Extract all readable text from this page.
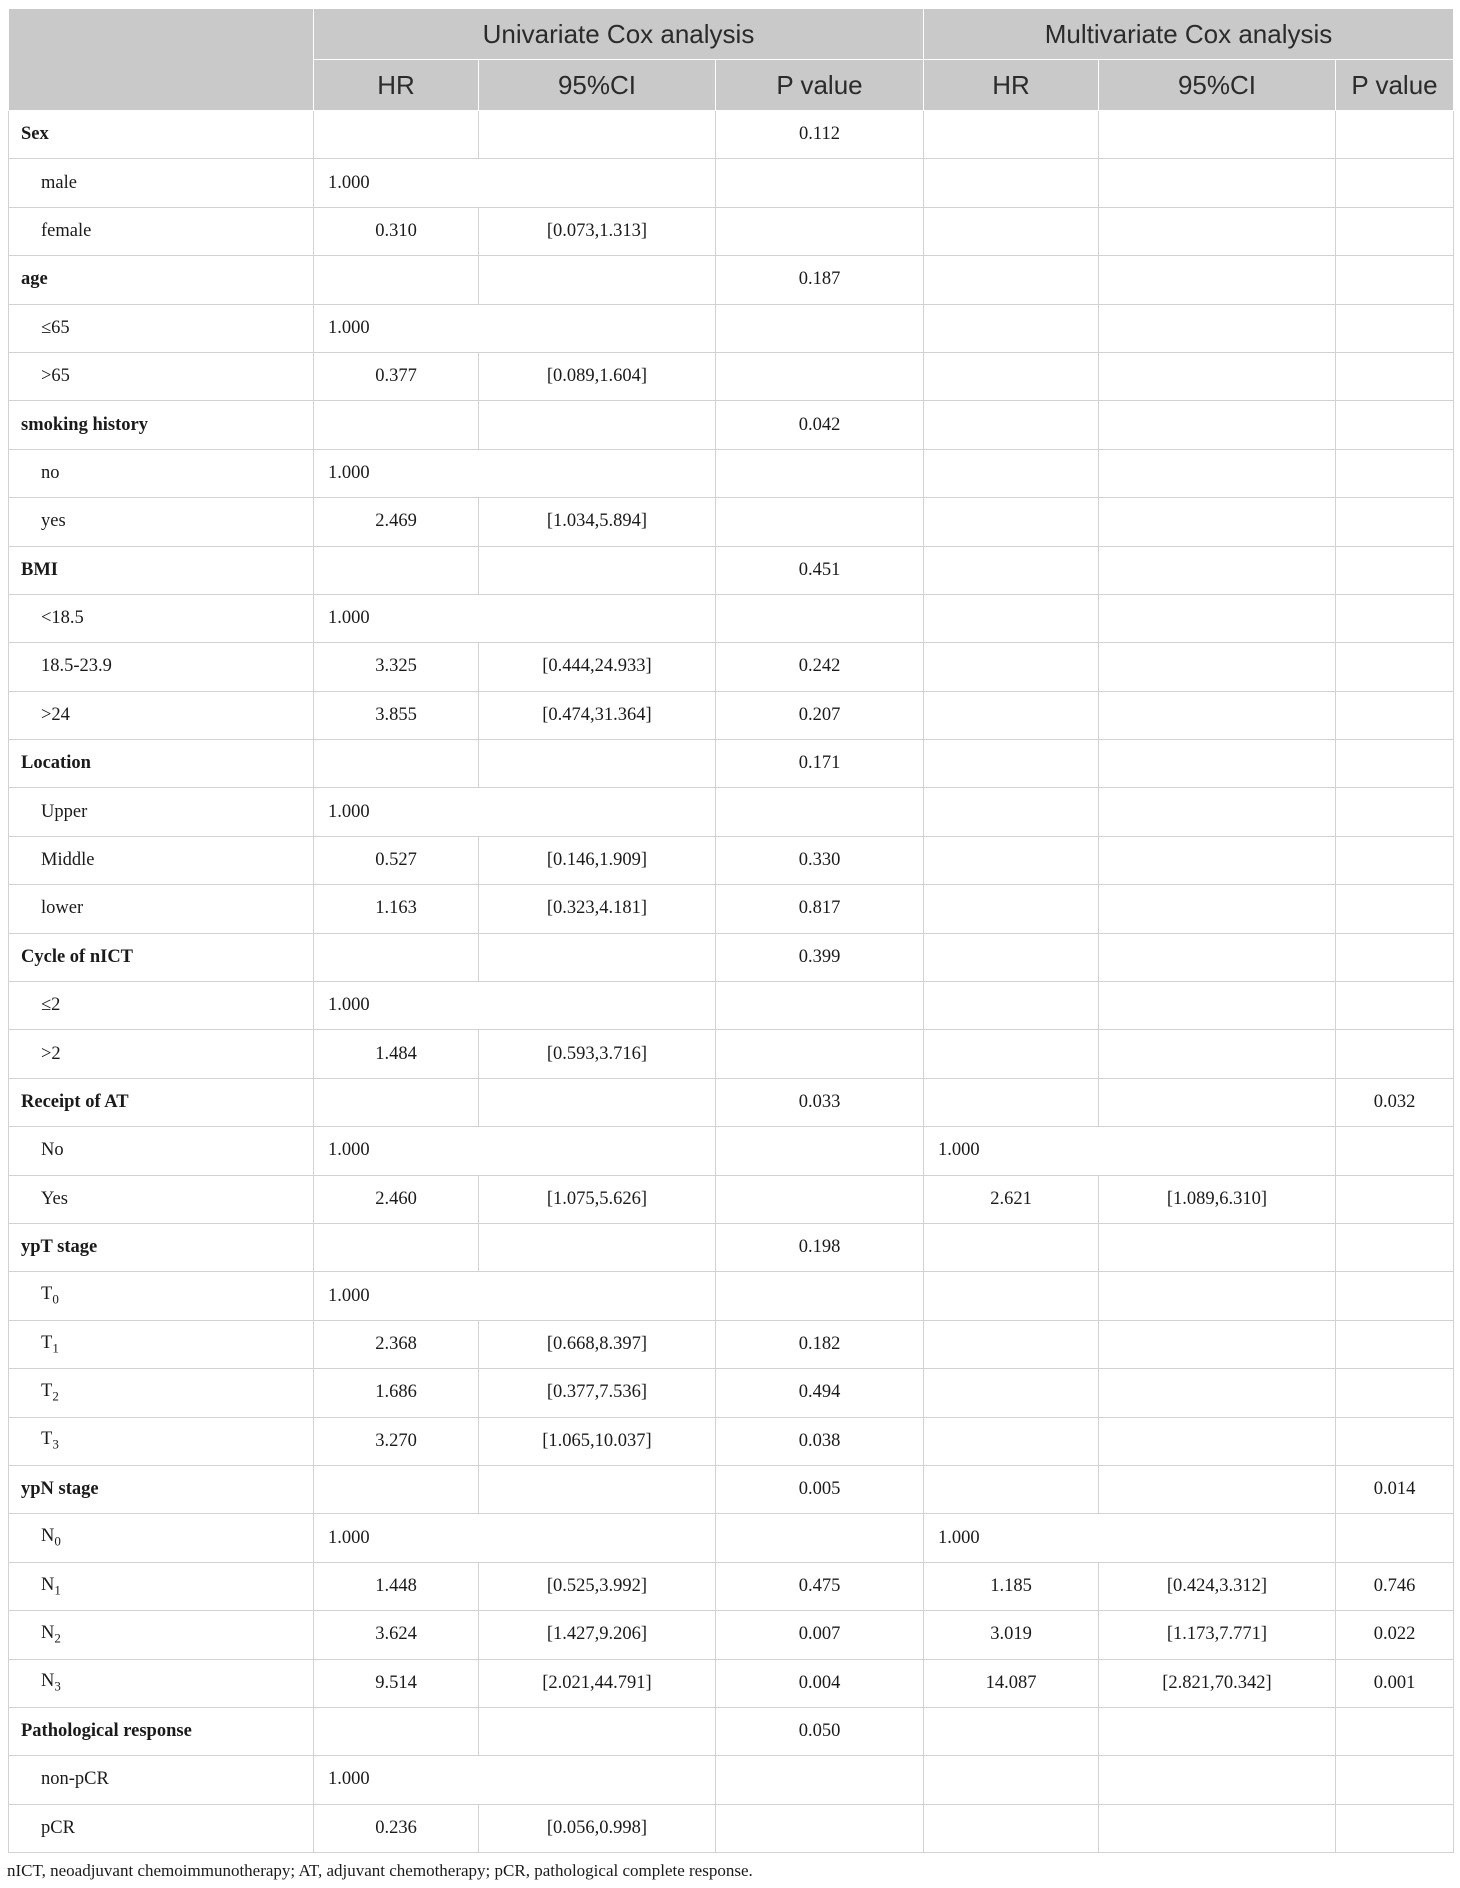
	Univariate Cox analysis			Multivariate Cox analysis		
	HR	95%CI	P value	HR	95%CI	P value
Sex			0.112			
male	1.000					
female	0.310	[0.073,1.313]				
age			0.187			
≤65	1.000					
>65	0.377	[0.089,1.604]				
smoking history			0.042			
no	1.000					
yes	2.469	[1.034,5.894]				
BMI			0.451			
<18.5	1.000					
18.5-23.9	3.325	[0.444,24.933]	0.242			
>24	3.855	[0.474,31.364]	0.207			
Location			0.171			
Upper	1.000					
Middle	0.527	[0.146,1.909]	0.330			
lower	1.163	[0.323,4.181]	0.817			
Cycle of nICT			0.399			
≤2	1.000					
>2	1.484	[0.593,3.716]				
Receipt of AT			0.033			0.032
No	1.000			1.000		
Yes	2.460	[1.075,5.626]		2.621	[1.089,6.310]	
ypT stage			0.198			
$T_0$	1.000					
$T_1$	2.368	[0.668,8.397]	0.182			
$T_2$	1.686	[0.377,7.536]	0.494			
$T_3$	3.270	[1.065,10.037]	0.038			
ypN stage			0.005			0.014
$N_0$	1.000			1.000		
$N_1$	1.448	[0.525,3.992]	0.475	1.185	[0.424,3.312]	0.746
$N_2$	3.624	[1.427,9.206]	0.007	3.019	[1.173,7.771]	0.022
$N_3$	9.514	[2.021,44.791]	0.004	14.087	[2.821,70.342]	0.001
Pathological response			0.050			
non-pCR	1.000					
pCR	0.236	[0.056,0.998]				
nICT, neoadjuvant chemoimmunotherapy; AT, adjuvant chemotherapy; pCR, pathological complete response.
